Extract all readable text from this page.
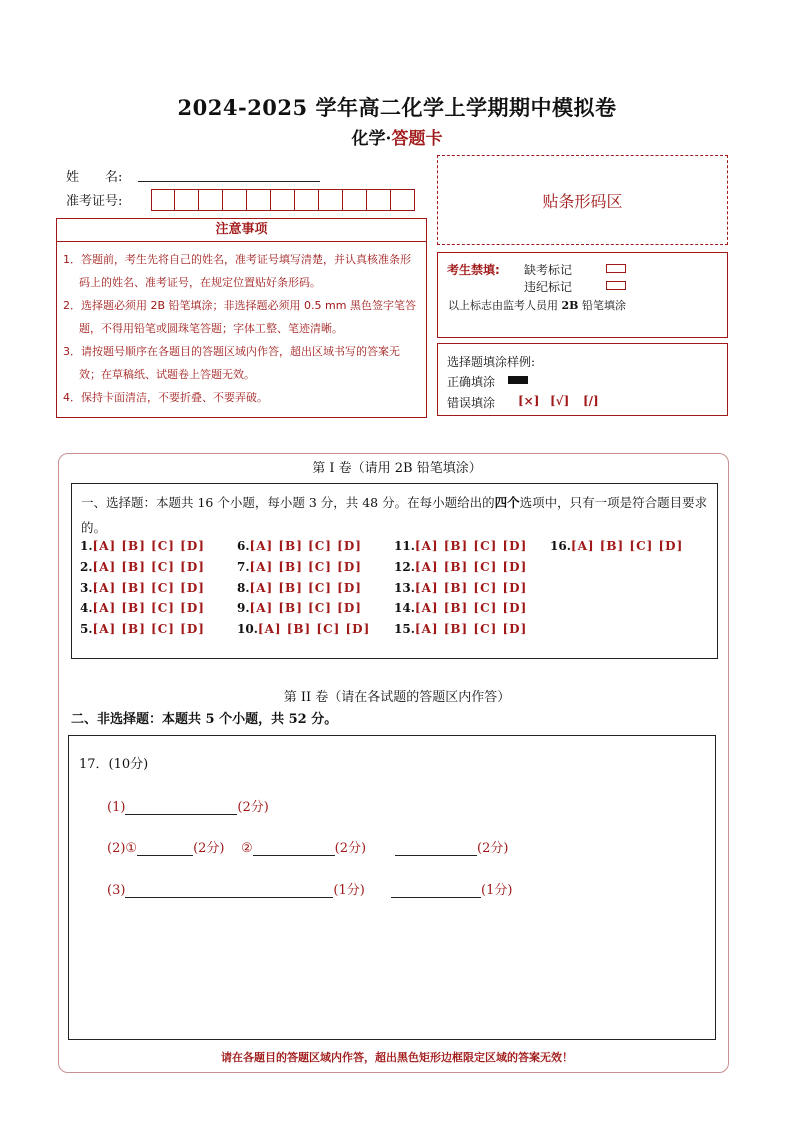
2024-2025 学年高二化学上学期期中模拟卷
化学·答题卡
姓　　名:
准考证号:	贴条形码区
注意事项
1．答题前，考生先将自己的姓名，准考证号填写清楚，并认真核准条形码上的姓名、准考证号，在规定位置贴好条形码。
2．选择题必须用 2B 铅笔填涂；非选择题必须用 0.5 mm 黑色签字笔答题，不得用铅笔或圆珠笔答题；字体工整、笔迹清晰。
3．请按题号顺序在各题目的答题区域内作答，超出区域书写的答案无效；在草稿纸、试题卷上答题无效。
4．保持卡面清洁，不要折叠、不要弄破。
考生禁填: 缺考标记
违纪标记
以上标志由监考人员用 2B 铅笔填涂
选择题填涂样例:
正确填涂
错误填涂 [×] [√] [/]
第 I 卷（请用 2B 铅笔填涂）
一、选择题：本题共 16 个小题，每小题 3 分，共 48 分。在每小题给出的四个选项中，只有一项是符合题目要求的。
1.[A] [B] [C] [D]
2.[A] [B] [C] [D]
3.[A] [B] [C] [D]
4.[A] [B] [C] [D]
5.[A] [B] [C] [D]
6.[A] [B] [C] [D]
7.[A] [B] [C] [D]
8.[A] [B] [C] [D]
9.[A] [B] [C] [D]
10.[A] [B] [C] [D]
11.[A] [B] [C] [D]
12.[A] [B] [C] [D]
13.[A] [B] [C] [D]
14.[A] [B] [C] [D]
15.[A] [B] [C] [D]
16.[A] [B] [C] [D]
第 II 卷（请在各试题的答题区内作答）
二、非选择题：本题共 5 个小题，共 52 分。
17．(10分)
(1)	(2分)
(2)①	(2分) ②	(2分)	(2分)
(3)	(1分)	(1分)
请在各题目的答题区域内作答，超出黑色矩形边框限定区域的答案无效！
